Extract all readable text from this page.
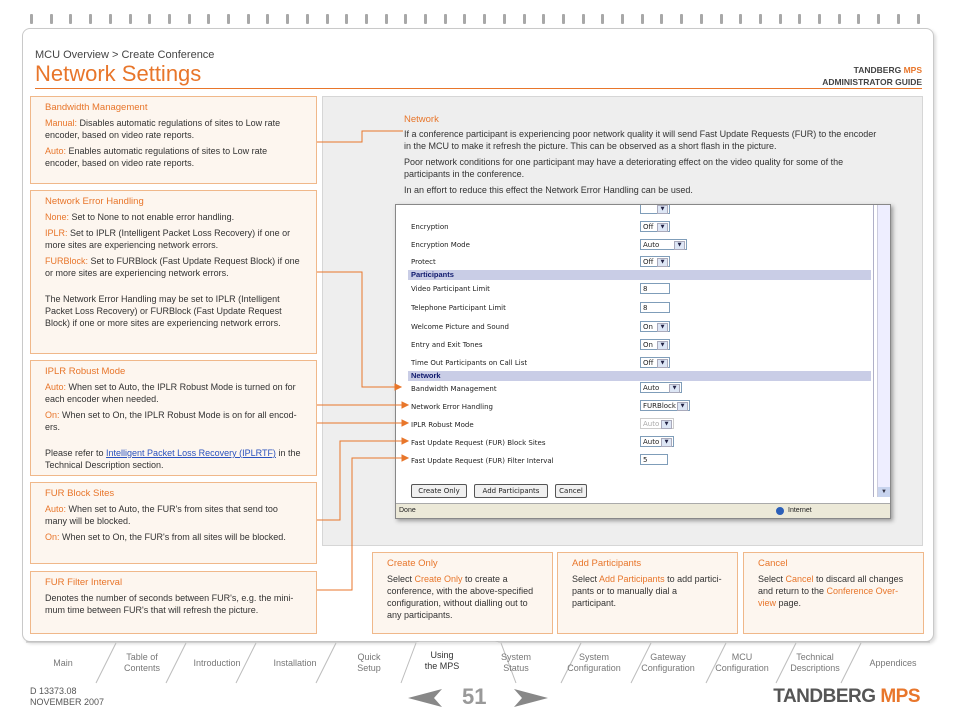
MCU Overview > Create Conference
Network Settings	TANDBERG MPS
ADMINISTRATOR GUIDE
Bandwidth Management

Manual: Disables automatic regulations of sites to Low rate encoder, based on video rate reports.

Auto: Enables automatic regulations of sites to Low rate encoder, based on video rate reports.

Network Error Handling

None: Set to None to not enable error handling.

IPLR: Set to IPLR (Intelligent Packet Loss Recovery) if one or more sites are experiencing network errors.

FURBlock: Set to FURBlock (Fast Update Request Block) if one or more sites are experiencing network errors.

The Network Error Handling may be set to IPLR (Intelligent Packet Loss Recovery) or FURBlock (Fast Update Request Block) if one or more sites are experiencing network errors.

IPLR Robust Mode

Auto: When set to Auto, the IPLR Robust Mode is turned on for each encoder when needed.

On: When set to On, the IPLR Robust Mode is on for all encod-ers.

Please refer to Intelligent Packet Loss Recovery (IPLRTF) in the Technical Description section.

FUR Block Sites

Auto: When set to Auto, the FUR's from sites that send too many will be blocked.

On: When set to On, the FUR's from all sites will be blocked.

FUR Filter Interval

Denotes the number of seconds between FUR's, e.g. the mini-mum time between FUR's that will refresh the picture.

Network

If a conference participant is experiencing poor network quality it will send Fast Update Requests (FUR) to the encoder in the MCU to make it refresh the picture. This can be observed as a short flash in the picture.

Poor network conditions for one participant may have a deteriorating effect on the video quality for some of the participants in the conference.

In an effort to reduce this effect the Network Error Handling can be used.

▼
Encryption	Off	▼
Encryption Mode	Auto	▼
Protect	Off	▼
Participants
Video Participant Limit	8
Telephone Participant Limit	8
Welcome Picture and Sound	On	▼
Entry and Exit Tones	On	▼
Time Out Participants on Call List	Off	▼
Network
Bandwidth Management	Auto	▼
Network Error Handling	FURBlock ▼
IPLR Robust Mode	Auto	▼
Fast Update Request (FUR) Block Sites	Auto	▼
Fast Update Request (FUR) Filter Interval	5
Create Only	Add Participants	Cancel	▼
Done	Internet
Create Only

Select Create Only to create a conference, with the above-specified configuration, without dialling out to any participants.

Add Participants

Select Add Participants to add partici-pants or to manually dial a participant.

Cancel

Select Cancel to discard all changes and return to the Conference Over-view page.

Main
Table of
Contents	Introduction	Installation
Quick
Setup
Using
the MPS
System
Status
System
Configuration
Gateway
Configuration
MCU
Configuration
Technical
Descriptions	Appendices
D 13373.08
NOVEMBER 2007	51	TANDBERG MPS
